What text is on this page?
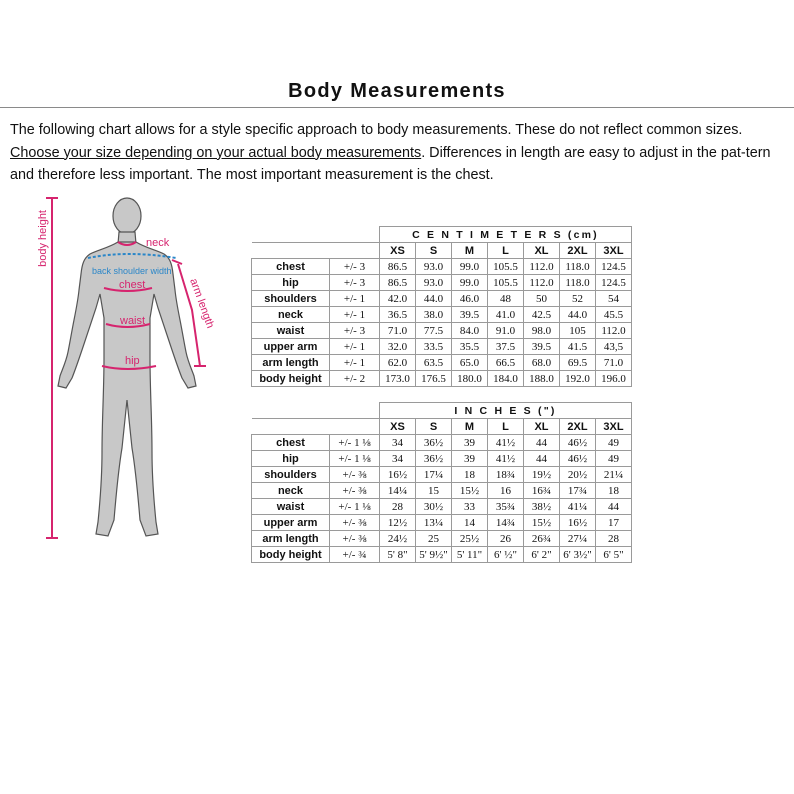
Body Measurements

The following chart allows for a style specific approach to body measurements. These do not reflect common sizes.
Choose your size depending on your actual body measurements. Differences in length are easy to adjust in the pat-tern and therefore less important. The most important measurement is the chest.

body height	neck
back shoulder width
chest
waist
hip
arm length
		C E N T I M E T E R S (cm)						
		XS	S	M	L	XL	2XL	3XL
chest	+/- 3	86.5	93.0	99.0	105.5	112.0	118.0	124.5
hip	+/- 3	86.5	93.0	99.0	105.5	112.0	118.0	124.5
shoulders	+/- 1	42.0	44.0	46.0	48	50	52	54
neck	+/- 1	36.5	38.0	39.5	41.0	42.5	44.0	45.5
waist	+/- 3	71.0	77.5	84.0	91.0	98.0	105	112.0
upper arm	+/- 1	32.0	33.5	35.5	37.5	39.5	41.5	43,5
arm length	+/- 1	62.0	63.5	65.0	66.5	68.0	69.5	71.0
body height	+/- 2	173.0	176.5	180.0	184.0	188.0	192.0	196.0
		I N C H E S (")						
		XS	S	M	L	XL	2XL	3XL
chest	+/- 1 ⅛	34	36½	39	41½	44	46½	49
hip	+/- 1 ⅛	34	36½	39	41½	44	46½	49
shoulders	+/- ⅜	16½	17¼	18	18¾	19½	20½	21¼
neck	+/- ⅜	14¼	15	15½	16	16¾	17¾	18
waist	+/- 1 ⅛	28	30½	33	35¾	38½	41¼	44
upper arm	+/- ⅜	12½	13¼	14	14¾	15½	16½	17
arm length	+/- ⅜	24½	25	25½	26	26¾	27¼	28
body height	+/- ¾	5' 8"	5' 9½"	5' 11"	6' ½"	6' 2"	6' 3½"	6' 5"
